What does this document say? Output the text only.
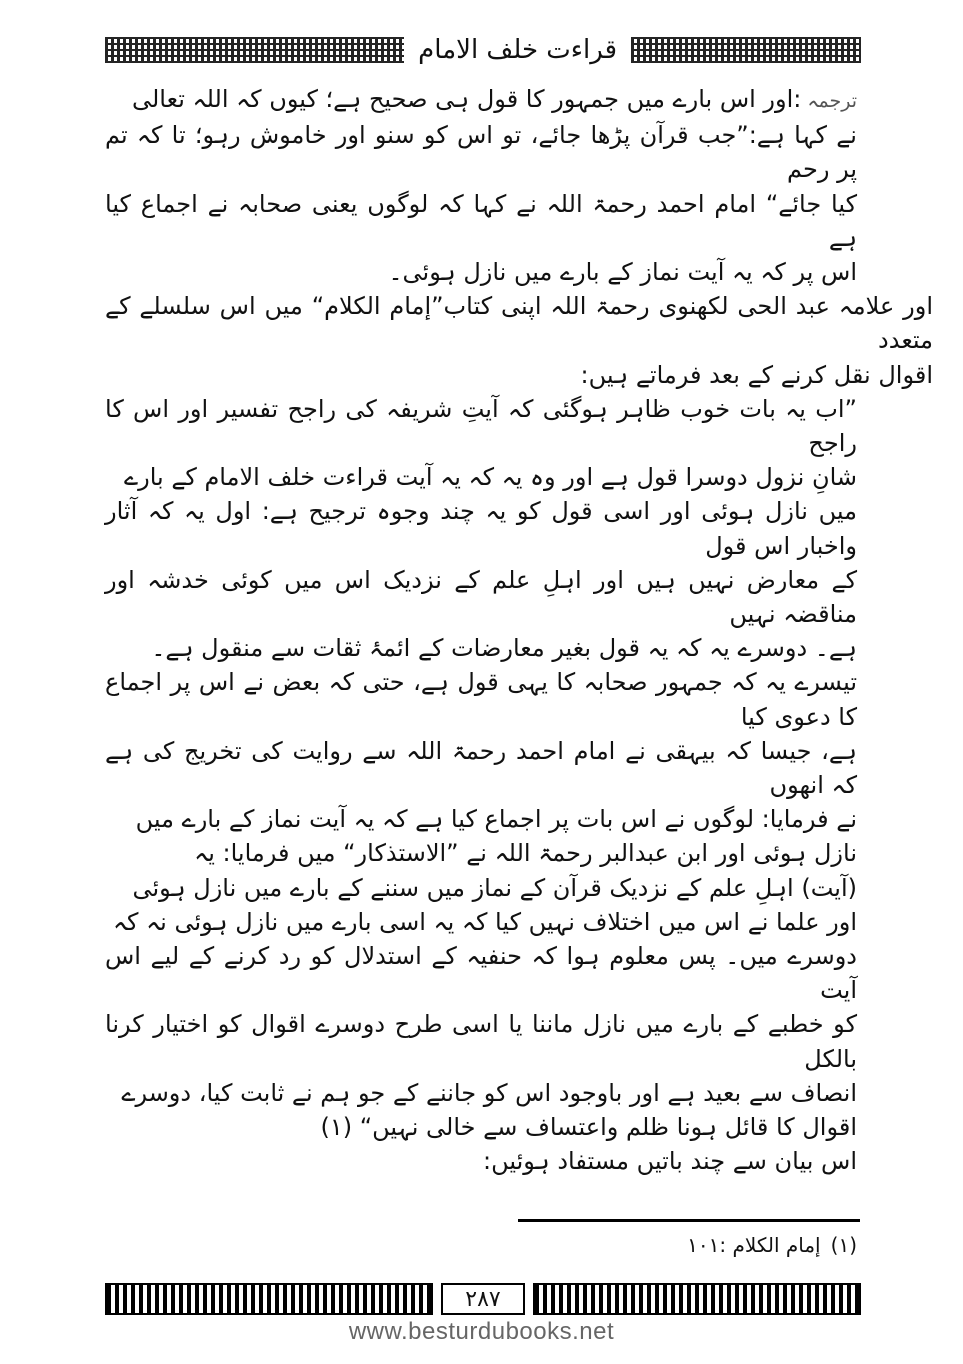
قراءت خلف الامام

ترجمہ:اور اس بارے میں جمہور کا قول ہی صحیح ہے؛ کیوں کہ اللہ تعالی

نے کہا ہے:”جب قرآن پڑھا جائے، تو اس کو سنو اور خاموش رہو؛ تا کہ تم پر رحم

کیا جائے“ امام احمد رحمۃ اللہ نے کہا کہ لوگوں یعنی صحابہ نے اجماع کیا ہے

اس پر کہ یہ آیت نماز کے بارے میں نازل ہوئی۔

اور علامہ عبد الحی لکھنوی رحمۃ اللہ اپنی کتاب”إمام الکلام“ میں اس سلسلے کے متعدد

اقوال نقل کرنے کے بعد فرماتے ہیں:

”اب یہ بات خوب ظاہر ہوگئی کہ آیتِ شریفہ کی راجح تفسیر اور اس کا راجح

شانِ نزول دوسرا قول ہے اور وہ یہ کہ یہ آیت قراءت خلف الامام کے بارے

میں نازل ہوئی اور اسی قول کو یہ چند وجوہ ترجیح ہے: اول یہ کہ آثار واخبار اس قول

کے معارض نہیں ہیں اور اہلِ علم کے نزدیک اس میں کوئی خدشہ اور مناقضہ نہیں

ہے۔ دوسرے یہ کہ یہ قول بغیر معارضات کے ائمۂ ثقات سے منقول ہے۔

تیسرے یہ کہ جمہور صحابہ کا یہی قول ہے، حتی کہ بعض نے اس پر اجماع کا دعوی کیا

ہے، جیسا کہ بیہقی نے امام احمد رحمۃ اللہ سے روایت کی تخریج کی ہے کہ انھوں

نے فرمایا: لوگوں نے اس بات پر اجماع کیا ہے کہ یہ آیت نماز کے بارے میں

نازل ہوئی اور ابن عبدالبر رحمۃ اللہ نے ”الاستذکار“ میں فرمایا: یہ

(آیت) اہلِ علم کے نزدیک قرآن کے نماز میں سننے کے بارے میں نازل ہوئی

اور علما نے اس میں اختلاف نہیں کیا کہ یہ اسی بارے میں نازل ہوئی نہ کہ

دوسرے میں۔ پس معلوم ہوا کہ حنفیہ کے استدلال کو رد کرنے کے لیے اس آیت

کو خطبے کے بارے میں نازل ماننا یا اسی طرح دوسرے اقوال کو اختیار کرنا بالکل

انصاف سے بعید ہے اور باوجود اس کو جاننے کے جو ہم نے ثابت کیا، دوسرے

اقوال کا قائل ہونا ظلم واعتساف سے خالی نہیں“ (۱)

اس بیان سے چند باتیں مستفاد ہوئیں:

(۱)
إمام الکلام :۱۰۱
۲۸۷
www.besturdubooks.net
